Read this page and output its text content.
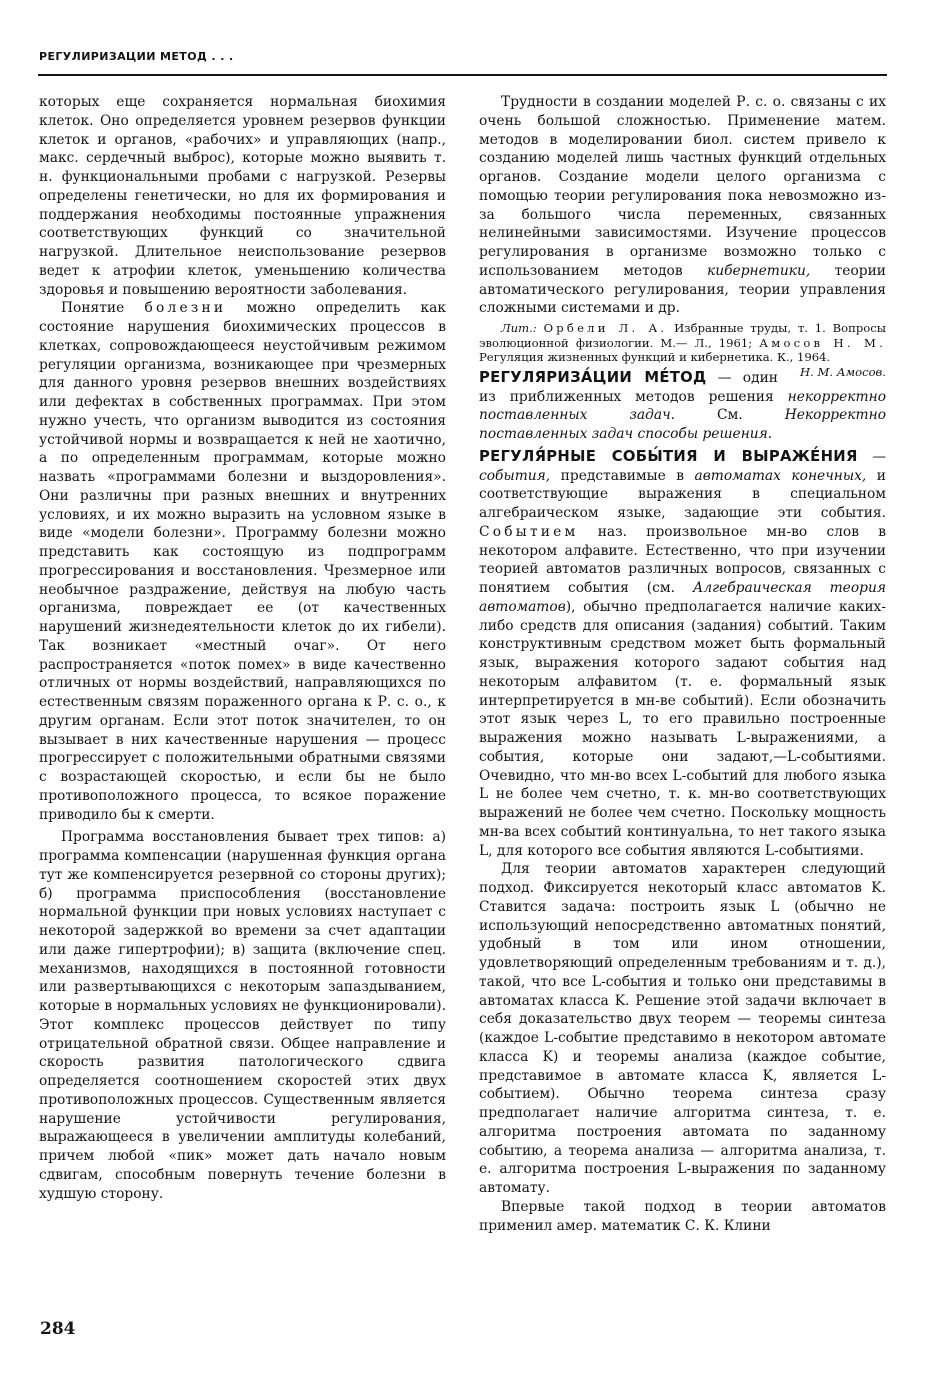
РЕГУЛИРИЗАЦИИ МЕТОД . . .

которых еще сохраняется нормальная биохимия клеток. Оно определяется уровнем резервов функции клеток и органов, «рабочих» и управляющих (напр., макс. сердечный выброс), которые можно выявить т. н. функциональными пробами с нагрузкой. Резервы определены генетически, но для их формирования и поддержания необходимы постоянные упражнения соответствующих функций со значительной нагрузкой. Длительное неиспользование резервов ведет к атрофии клеток, уменьшению количества здоровья и повышению вероятности заболевания.

Понятие болезни можно определить как состояние нарушения биохимических процессов в клетках, сопровождающееся неустойчивым режимом регуляции организма, возникающее при чрезмерных для данного уровня резервов внешних воздействиях или дефектах в собственных программах. При этом нужно учесть, что организм выводится из состояния устойчивой нормы и возвращается к ней не хаотично, а по определенным программам, которые можно назвать «программами болезни и выздоровления». Они различны при разных внешних и внутренних условиях, и их можно выразить на условном языке в виде «модели болезни». Программу болезни можно представить как состоящую из подпрограмм прогрессирования и восстановления. Чрезмерное или необычное раздражение, действуя на любую часть организма, повреждает ее (от качественных нарушений жизнедеятельности клеток до их гибели). Так возникает «местный очаг». От него распространяется «поток помех» в виде качественно отличных от нормы воздействий, направляющихся по естественным связям пораженного органа к Р. с. о., к другим органам. Если этот поток значителен, то он вызывает в них качественные нарушения — процесс прогрессирует с положительными обратными связями с возрастающей скоростью, и если бы не было противоположного процесса, то всякое поражение приводило бы к смерти.

Программа восстановления бывает трех типов: а) программа компенсации (нарушенная функция органа тут же компенсируется резервной со стороны других); б) программа приспособления (восстановление нормальной функции при новых условиях наступает с некоторой задержкой во времени за счет адаптации или даже гипертрофии); в) защита (включение спец. механизмов, находящихся в постоянной готовности или развертывающихся с некоторым запаздыванием, которые в нормальных условиях не функционировали). Этот комплекс процессов действует по типу отрицательной обратной связи. Общее направление и скорость развития патологического сдвига определяется соотношением скоростей этих двух противоположных процессов. Существенным является нарушение устойчивости регулирования, выражающееся в увеличении амплитуды колебаний, причем любой «пик» может дать начало новым сдвигам, способным повернуть течение болезни в худшую сторону.

Трудности в создании моделей Р. с. о. связаны с их очень большой сложностью. Применение матем. методов в моделировании биол. систем привело к созданию моделей лишь частных функций отдельных органов. Создание модели целого организма с помощью теории регулирования пока невозможно из-за большого числа переменных, связанных нелинейными зависимостями. Изучение процессов регулирования в организме возможно только с использованием методов кибернетики, теории автоматического регулирования, теории управления сложными системами и др.

Лит.: Орбели Л. А. Избранные труды, т. 1. Вопросы эволюционной физиологии. М.— Л., 1961; Амосов Н. М. Регуляция жизненных функций и кибернетика. К., 1964.
Н. М. Амосов.

РЕГУЛЯРИЗА́ЦИИ МЕ́ТОД — один из приближенных методов решения некорректно поставленных задач.	См.	Некорректно поставленных задач способы решения.

РЕГУЛЯ́РНЫЕ СОБЫ́ТИЯ И ВЫРАЖЕ́НИЯ — события, представимые в автоматах конечных, и соответствующие выражения в специальном алгебраическом языке, задающие эти события. Событием наз. произвольное мн-во слов в некотором алфавите. Естественно, что при изучении теорией автоматов различных вопросов, связанных с понятием события (см. Алгебраическая теория автоматов), обычно предполагается наличие каких-либо средств для описания (задания) событий. Таким конструктивным средством может быть формальный язык, выражения которого задают события над некоторым алфавитом (т. е. формальный язык интерпретируется в мн-ве событий). Если обозначить этот язык через L, то его правильно построенные выражения можно называть L-выражениями, а события, которые они задают,—L-событиями. Очевидно, что мн-во всех L-событий для любого языка L не более чем счетно, т. к. мн-во соответствующих выражений не более чем счетно. Поскольку мощность мн-ва всех событий континуальна, то нет такого языка L, для которого все события являются L-событиями.

Для теории автоматов характерен следующий подход. Фиксируется некоторый класс автоматов K. Ставится задача: построить язык L (обычно не использующий непосредственно автоматных понятий, удобный в том или ином отношении, удовлетворяющий определенным требованиям и т. д.), такой, что все L-события и только они представимы в автоматах класса K. Решение этой задачи включает в себя доказательство двух теорем — теоремы синтеза (каждое L-событие представимо в некотором автомате класса K) и теоремы анализа (каждое событие, представимое в автомате класса K, является L-событием). Обычно теорема синтеза сразу предполагает наличие алгоритма синтеза, т. е. алгоритма построения автомата по заданному событию, а теорема анализа — алгоритма анализа, т. е. алгоритма построения L-выражения по заданному автомату.

Впервые такой подход в теории автоматов применил амер. математик С. К. Клини

284
